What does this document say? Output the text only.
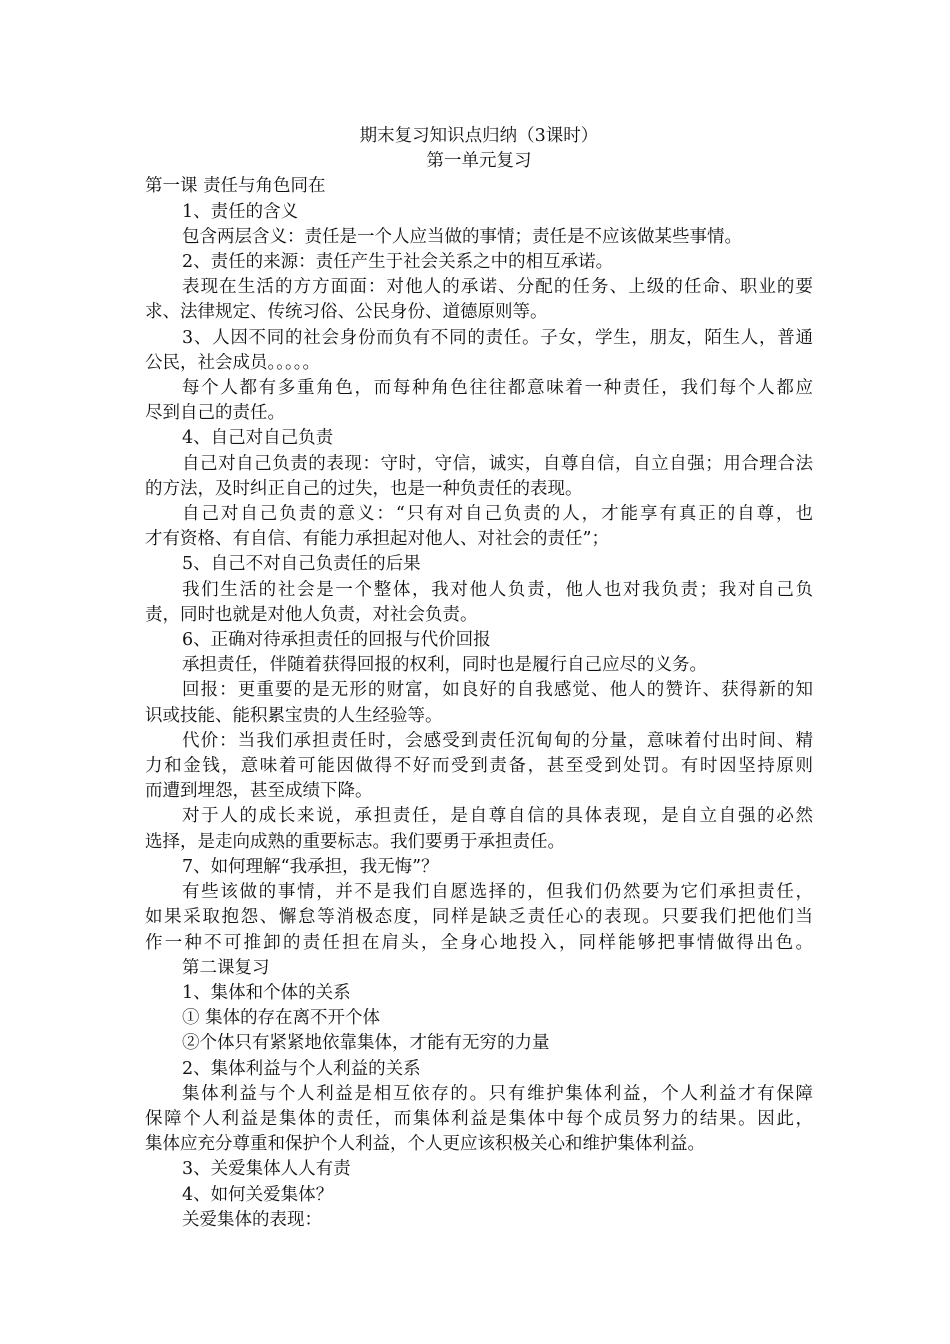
期末复习知识点归纳（3课时）
第一单元复习
第一课 责任与角色同在
1、责任的含义
包含两层含义：责任是一个人应当做的事情；责任是不应该做某些事情。
2、责任的来源：责任产生于社会关系之中的相互承诺。
表现在生活的方方面面：对他人的承诺、分配的任务、上级的任命、职业的要
求、法律规定、传统习俗、公民身份、道德原则等。
3、人因不同的社会身份而负有不同的责任。子女，学生，朋友，陌生人，普通
公民，社会成员。。。。。
每个人都有多重角色，而每种角色往往都意味着一种责任，我们每个人都应
尽到自己的责任。
4、自己对自己负责
自己对自己负责的表现：守时，守信，诚实，自尊自信，自立自强；用合理合法
的方法，及时纠正自己的过失，也是一种负责任的表现。
自己对自己负责的意义：“只有对自己负责的人，才能享有真正的自尊，也
才有资格、有自信、有能力承担起对他人、对社会的责任”；
5、自己不对自己负责任的后果
我们生活的社会是一个整体，我对他人负责，他人也对我负责；我对自己负
责，同时也就是对他人负责，对社会负责。
6、正确对待承担责任的回报与代价回报
承担责任，伴随着获得回报的权利，同时也是履行自己应尽的义务。
回报：更重要的是无形的财富，如良好的自我感觉、他人的赞许、获得新的知
识或技能、能积累宝贵的人生经验等。
代价：当我们承担责任时，会感受到责任沉甸甸的分量，意味着付出时间、精
力和金钱，意味着可能因做得不好而受到责备，甚至受到处罚。有时因坚持原则
而遭到埋怨，甚至成绩下降。
对于人的成长来说，承担责任，是自尊自信的具体表现，是自立自强的必然
选择，是走向成熟的重要标志。我们要勇于承担责任。
7、如何理解“我承担，我无悔”？
有些该做的事情，并不是我们自愿选择的，但我们仍然要为它们承担责任，
如果采取抱怨、懈怠等消极态度，同样是缺乏责任心的表现。只要我们把他们当
作一种不可推卸的责任担在肩头，全身心地投入，同样能够把事情做得出色。
第二课复习
1、集体和个体的关系
① 集体的存在离不开个体
②个体只有紧紧地依靠集体，才能有无穷的力量
2、集体利益与个人利益的关系
集体利益与个人利益是相互依存的。只有维护集体利益，个人利益才有保障
保障个人利益是集体的责任，而集体利益是集体中每个成员努力的结果。因此，
集体应充分尊重和保护个人利益，个人更应该积极关心和维护集体利益。
3、关爱集体人人有责
4、如何关爱集体？
关爱集体的表现：
